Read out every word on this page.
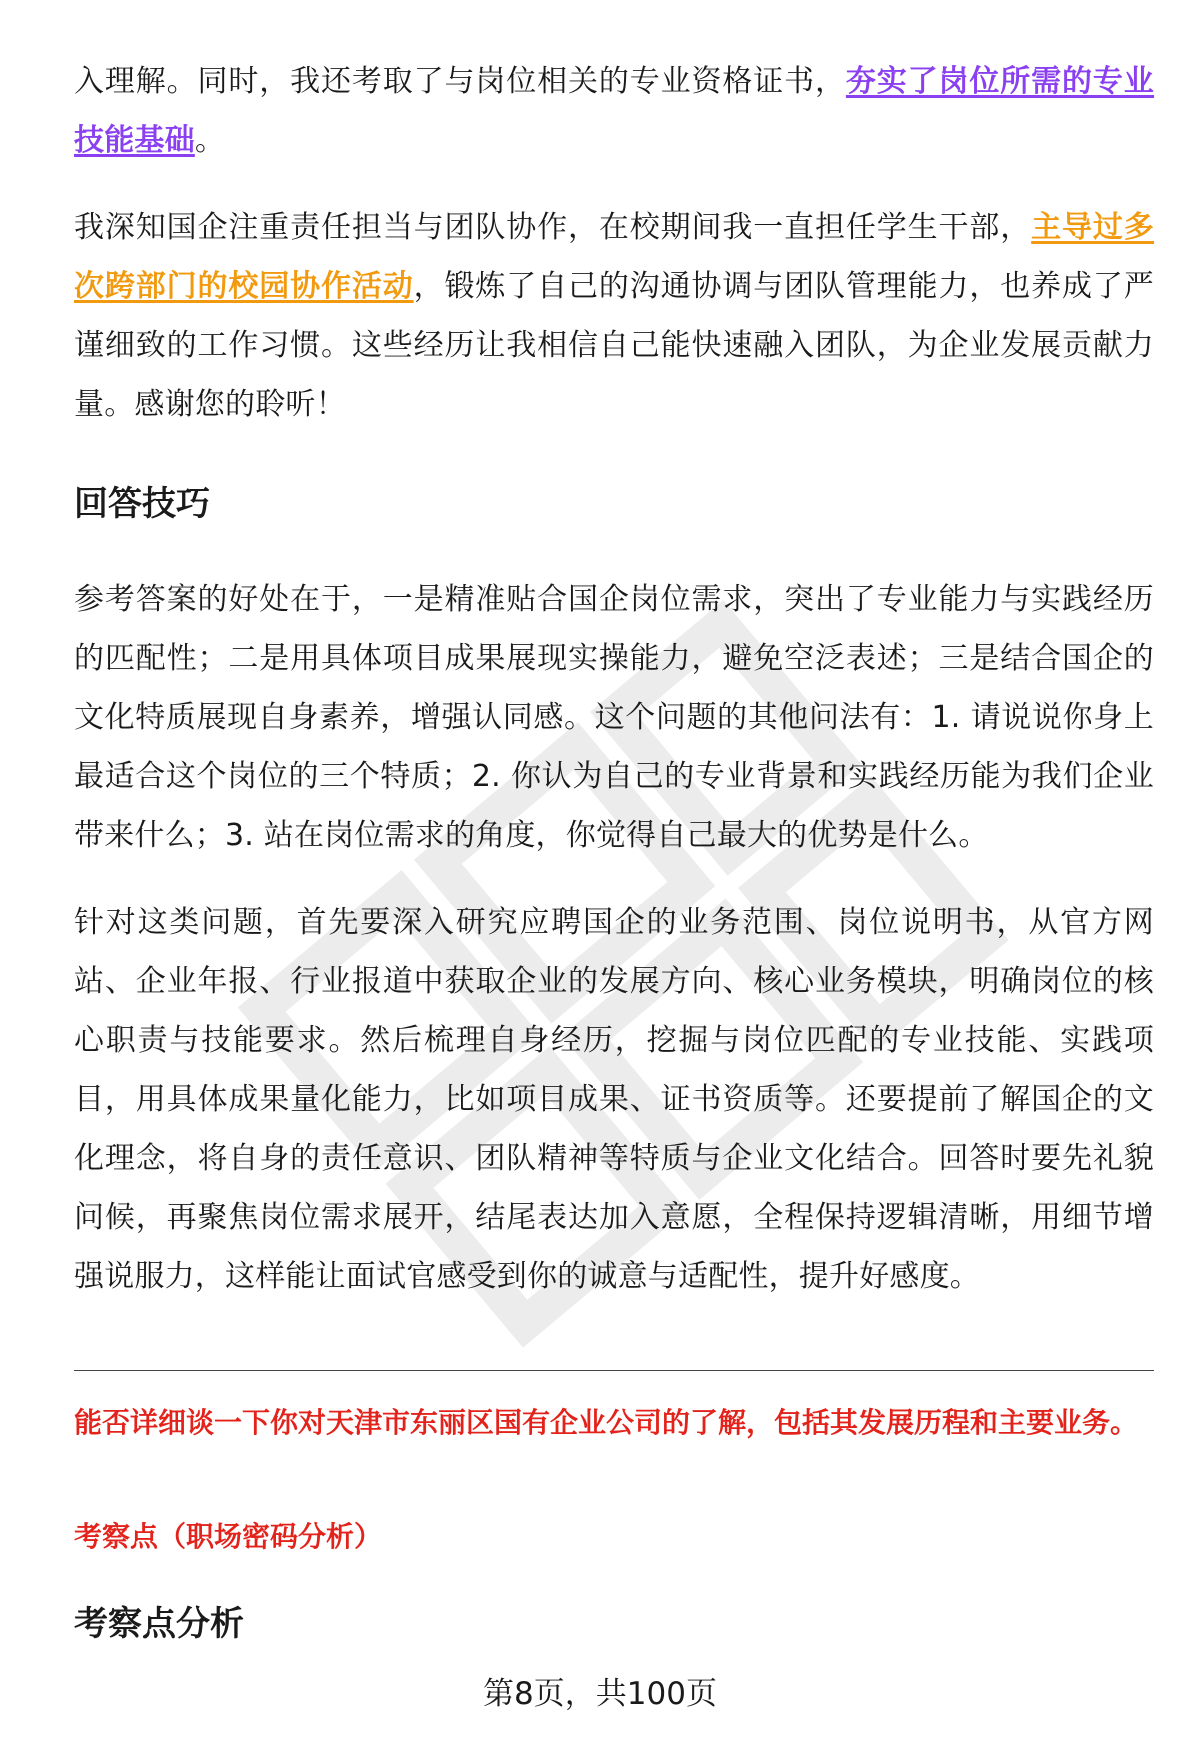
入理解。同时，我还考取了与岗位相关的专业资格证书，夯实了岗位所需的专业技能基础。

我深知国企注重责任担当与团队协作，在校期间我一直担任学生干部，主导过多次跨部门的校园协作活动，锻炼了自己的沟通协调与团队管理能力，也养成了严谨细致的工作习惯。这些经历让我相信自己能快速融入团队，为企业发展贡献力量。感谢您的聆听！

回答技巧

参考答案的好处在于，一是精准贴合国企岗位需求，突出了专业能力与实践经历的匹配性；二是用具体项目成果展现实操能力，避免空泛表述；三是结合国企的文化特质展现自身素养，增强认同感。这个问题的其他问法有：1. 请说说你身上最适合这个岗位的三个特质；2. 你认为自己的专业背景和实践经历能为我们企业带来什么；3. 站在岗位需求的角度，你觉得自己最大的优势是什么。

针对这类问题，首先要深入研究应聘国企的业务范围、岗位说明书，从官方网站、企业年报、行业报道中获取企业的发展方向、核心业务模块，明确岗位的核心职责与技能要求。然后梳理自身经历，挖掘与岗位匹配的专业技能、实践项目，用具体成果量化能力，比如项目成果、证书资质等。还要提前了解国企的文化理念，将自身的责任意识、团队精神等特质与企业文化结合。回答时要先礼貌问候，再聚焦岗位需求展开，结尾表达加入意愿，全程保持逻辑清晰，用细节增强说服力，这样能让面试官感受到你的诚意与适配性，提升好感度。

能否详细谈一下你对天津市东丽区国有企业公司的了解，包括其发展历程和主要业务。
考察点（职场密码分析）
考察点分析
第8页，共100页
